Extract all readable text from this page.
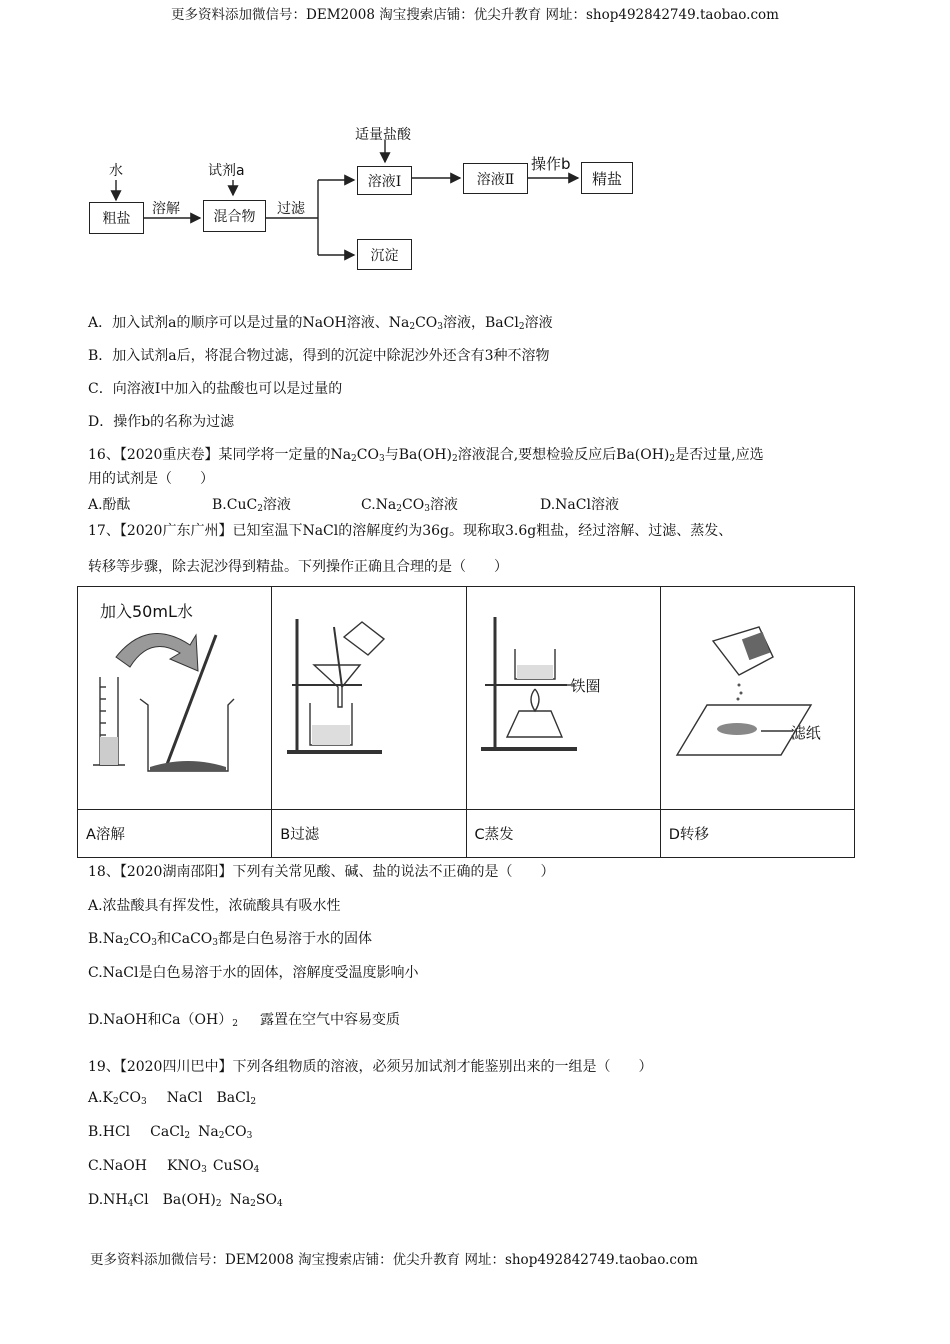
更多资料添加微信号：DEM2008 淘宝搜索店铺：优尖升教育 网址：shop492842749.taobao.com
水	试剂a
适量盐酸
操作b
溶解	过滤
粗盐	混合物
溶液Ⅰ	溶液Ⅱ	精盐
沉淀
A．加入试剂a的顺序可以是过量的NaOH溶液、$Na_2CO_3$溶液，BaCl$_2$溶液
B．加入试剂a后，将混合物过滤，得到的沉淀中除泥沙外还含有3种不溶物
C．向溶液Ⅰ中加入的盐酸也可以是过量的
D．操作b的名称为过滤
16、【2020重庆卷】某同学将一定量的$Na_2CO_3$与$Ba(OH)_2$溶液混合,要想检验反应后$Ba(OH)_2$是否过量,应选
用的试剂是（　　）
A.酚酞	B.CuC$_2$溶液	$C.Na_2CO_3$溶液	D.NaCl溶液
17、【2020广东广州】已知室温下NaCl的溶解度约为36g。现称取3.6g粗盐，经过溶解、过滤、蒸发、
转移等步骤，除去泥沙得到精盐。下列操作正确且合理的是（　　）
加入50mL水		铁圈	滤纸

A溶解	B过滤	C蒸发	D转移
18、【2020湖南邵阳】下列有关常见酸、碱、盐的说法不正确的是（　　）
A.浓盐酸具有挥发性，浓硫酸具有吸水性
$B.Na_2CO_3$和CaCO$_3$都是白色易溶于水的固体
C.NaCl是白色易溶于水的固体，溶解度受温度影响小
D.NaOH和$Ca(OH)_2$ 露置在空气中容易变质
19、【2020四川巴中】下列各组物质的溶液，必须另加试剂才能鉴别出来的一组是（　　）
$A.K_2CO_3$ NaCl BaCl$_2$
B.HCl CaCl$_2$ $Na_2CO_3$
C.NaOH $KNO_3$ CuSO$_4$
$D.NH_4Cl$ $Ba(OH)_2$ $Na_2SO_4$
更多资料添加微信号：DEM2008 淘宝搜索店铺：优尖升教育 网址：shop492842749.taobao.com
